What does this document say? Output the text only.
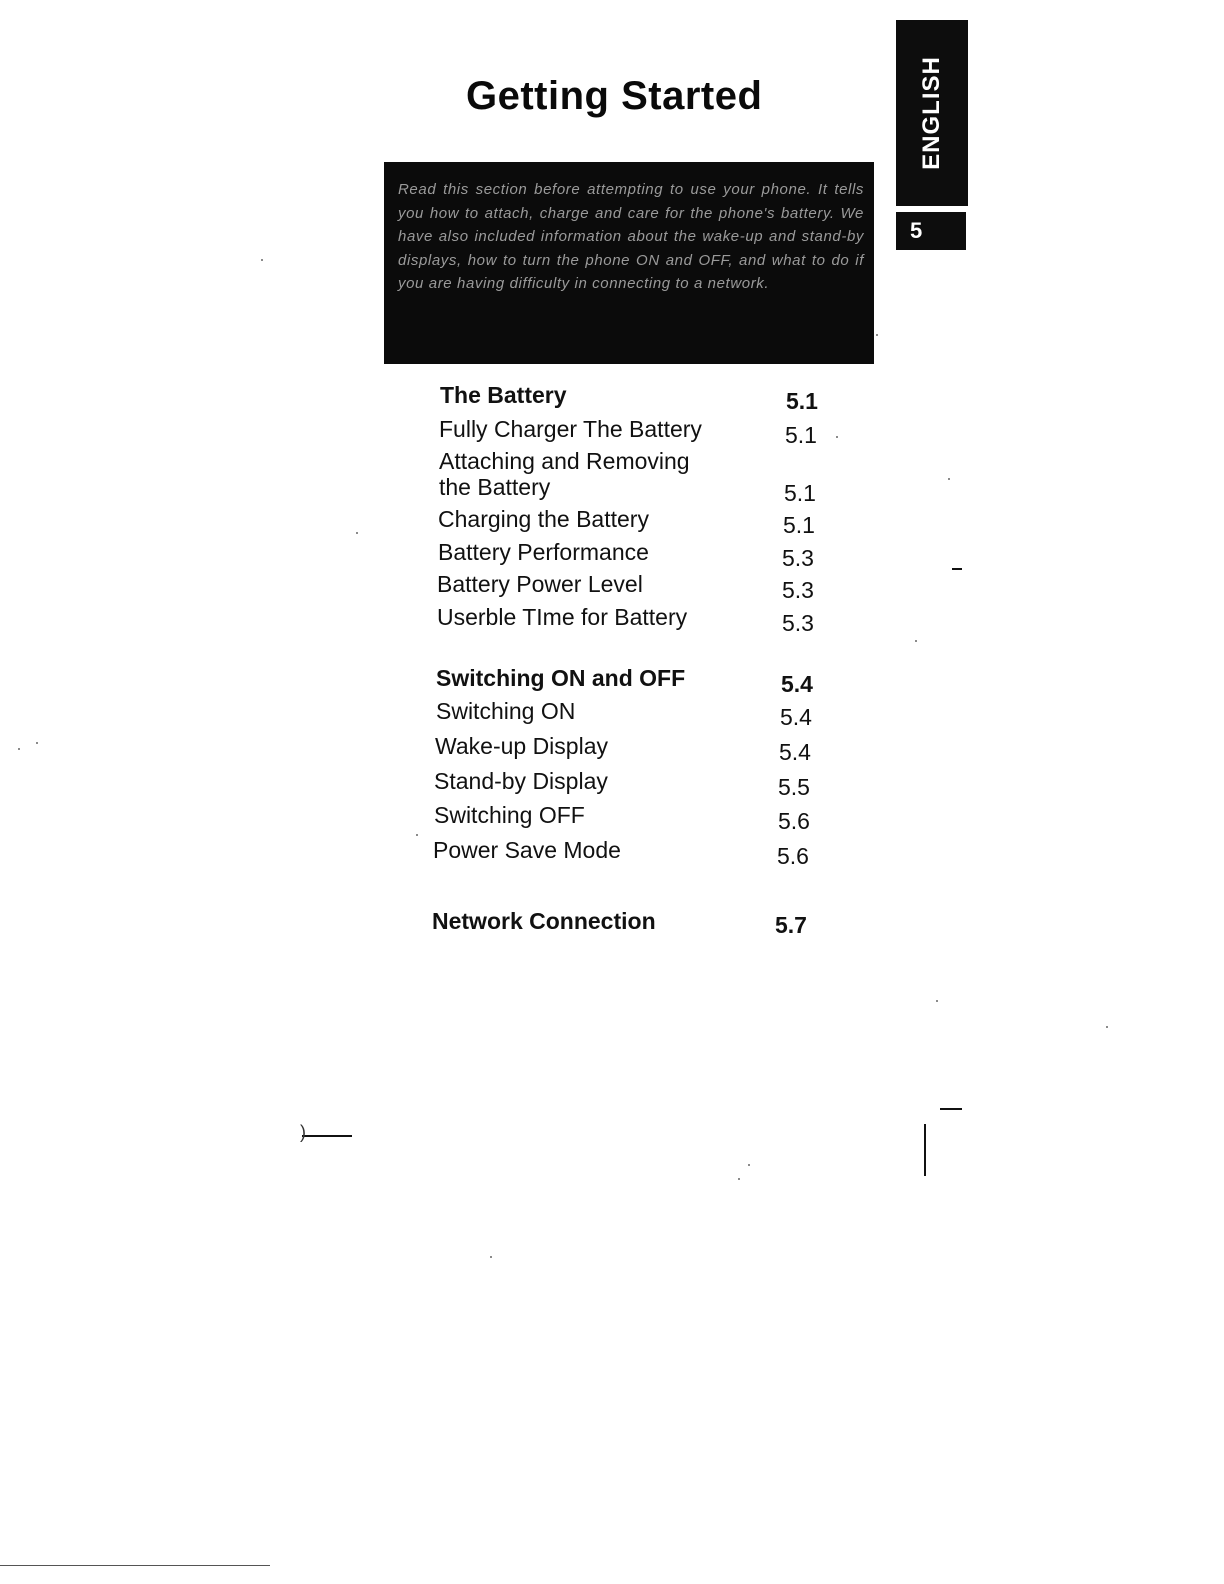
Getting Started	ENGLISH
5
Read this section before attempting to use your phone. It tells you how to attach, charge and care for the phone's battery. We have also included information about the wake-up and stand-by displays, how to turn the phone ON and OFF, and what to do if you are having difficulty in connecting to a network.
The Battery	5.1
Fully Charger The Battery	5.1
Attaching and Removing
the Battery	5.1
Charging the Battery	5.1
Battery Performance	5.3
Battery Power Level	5.3
Userble TIme for Battery	5.3
Switching ON and OFF	5.4
Switching ON	5.4
Wake-up Display	5.4
Stand-by Display	5.5
Switching OFF	5.6
Power Save Mode	5.6
Network Connection	5.7
)
